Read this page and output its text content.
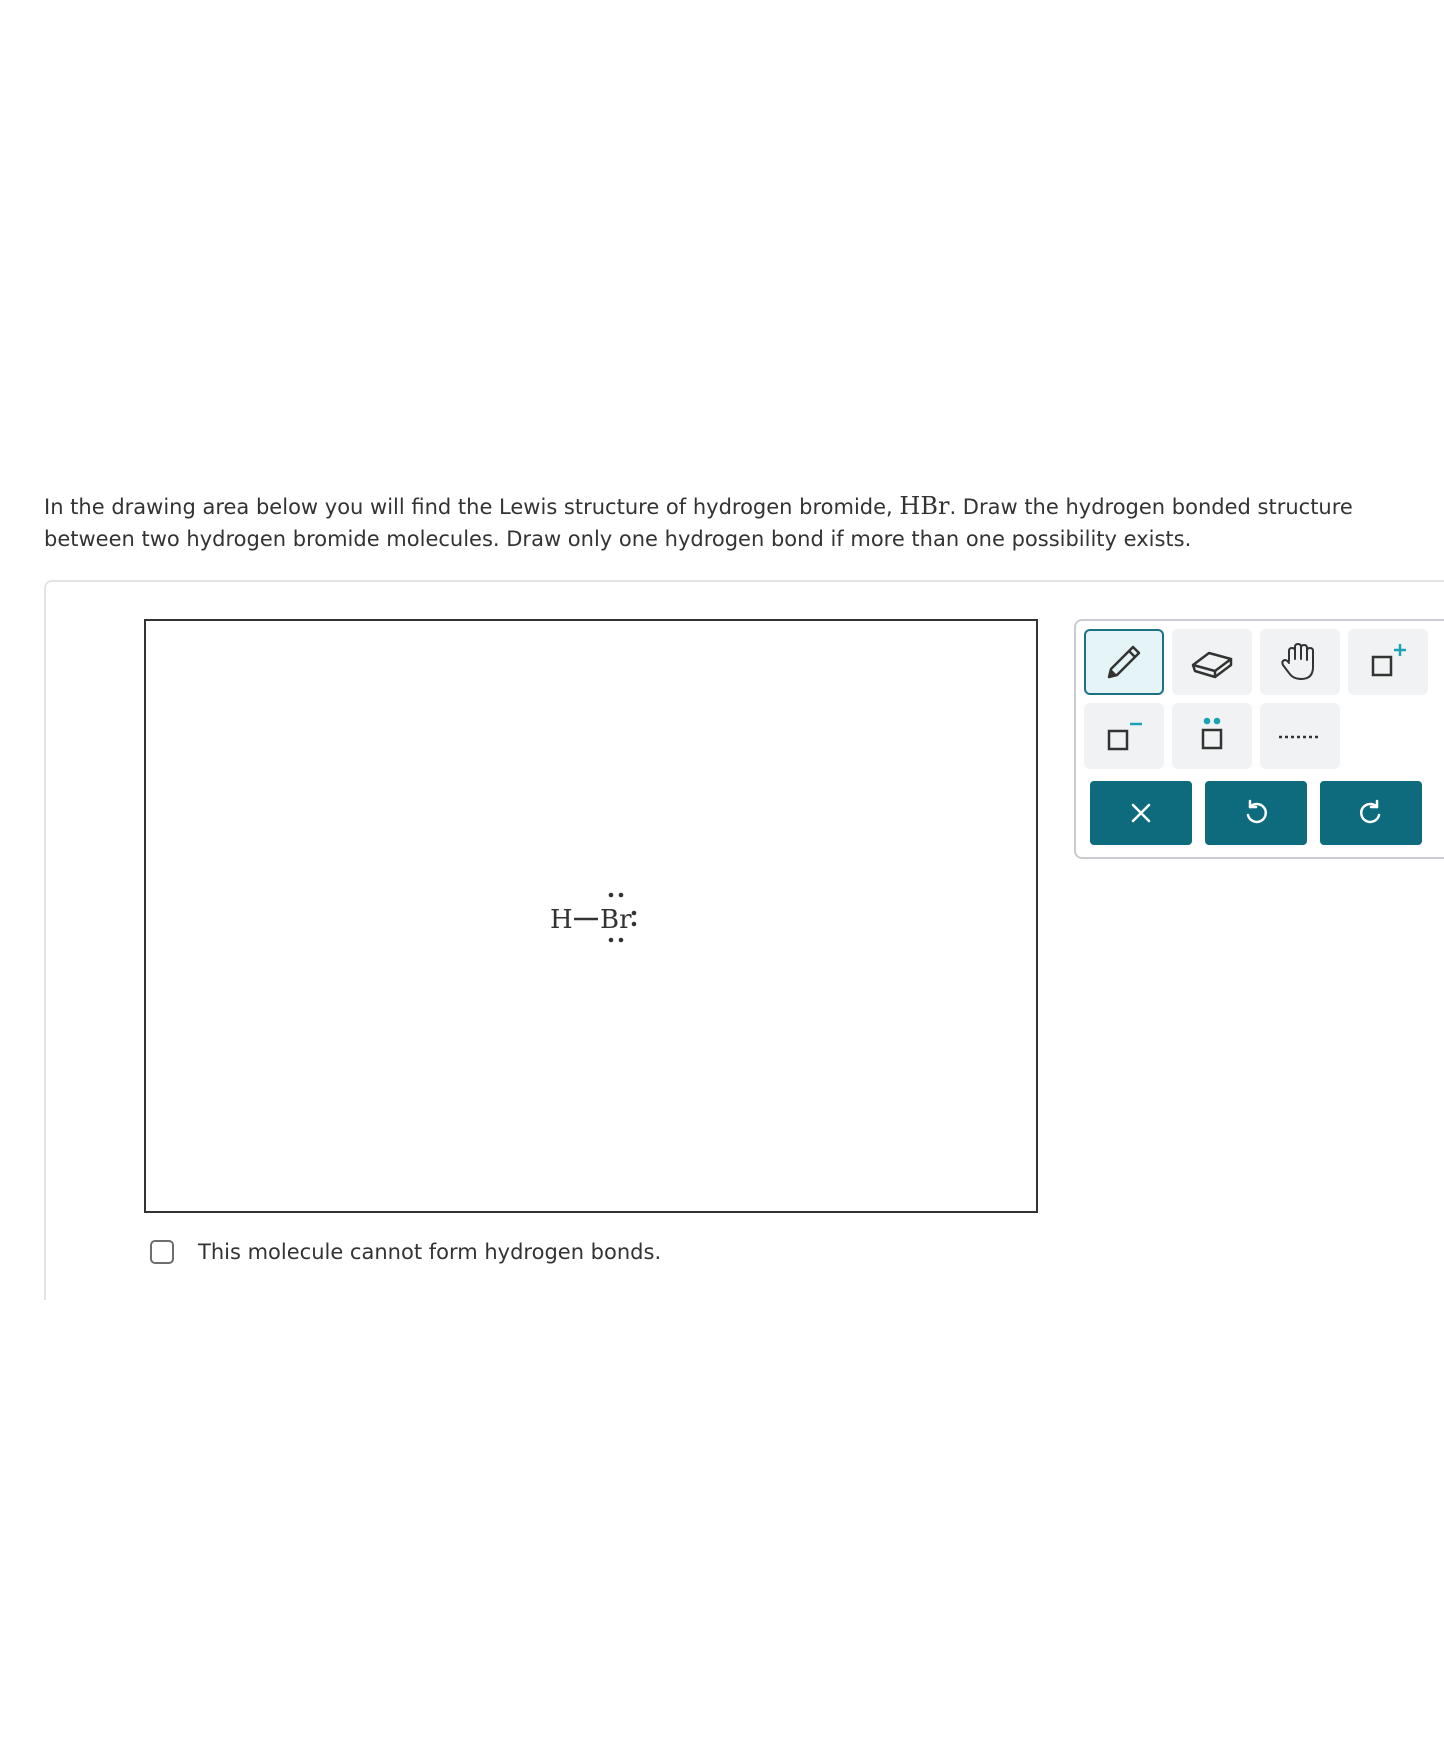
In the drawing area below you will find the Lewis structure of hydrogen bromide, HBr. Draw the hydrogen bonded structure between two hydrogen bromide molecules. Draw only one hydrogen bond if more than one possibility exists.
H Br
This molecule cannot form hydrogen bonds.
